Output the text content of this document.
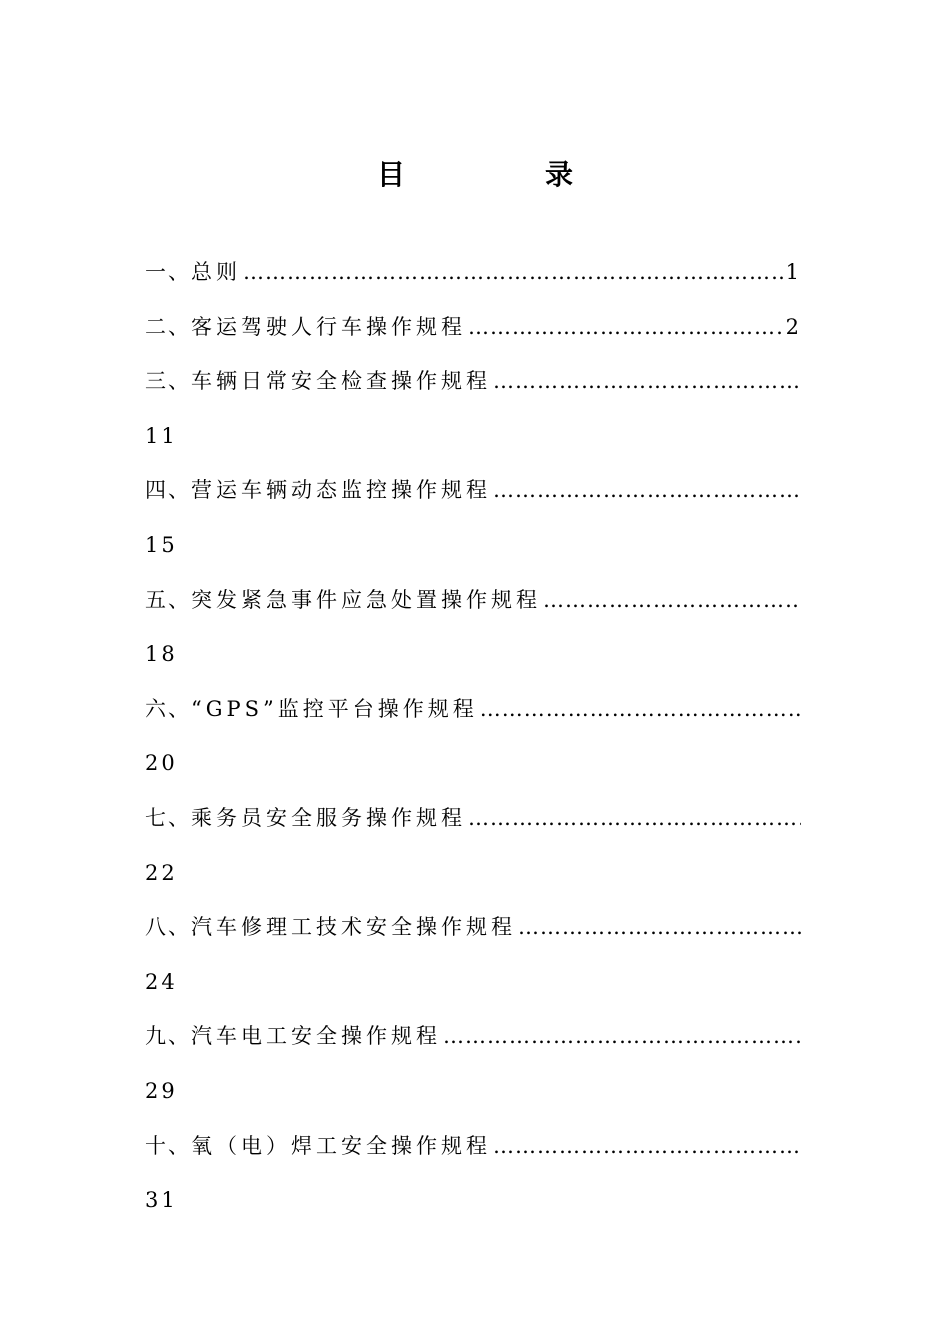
目　录
一、 总则 …………………………………………………………………………………………………………………………	1
二、 客运驾驶人行车操作规程 …………………………………………………………………………………………………………………………	2
三、 车辆日常安全检查操作规程
…………………………………………………………………………………………………………………………
11
四、 营运车辆动态监控操作规程
…………………………………………………………………………………………………………………………
15
五、 突发紧急事件应急处置操作规程
…………………………………………………………………………………………………………………………
18
六、 “GPS”监控平台操作规程
…………………………………………………………………………………………………………………………
20
七、 乘务员安全服务操作规程
…………………………………………………………………………………………………………………………
22
八、 汽车修理工技术安全操作规程
…………………………………………………………………………………………………………………………
24
九、 汽车电工安全操作规程
…………………………………………………………………………………………………………………………
29
十、 氧（电）焊工安全操作规程
…………………………………………………………………………………………………………………………
31
